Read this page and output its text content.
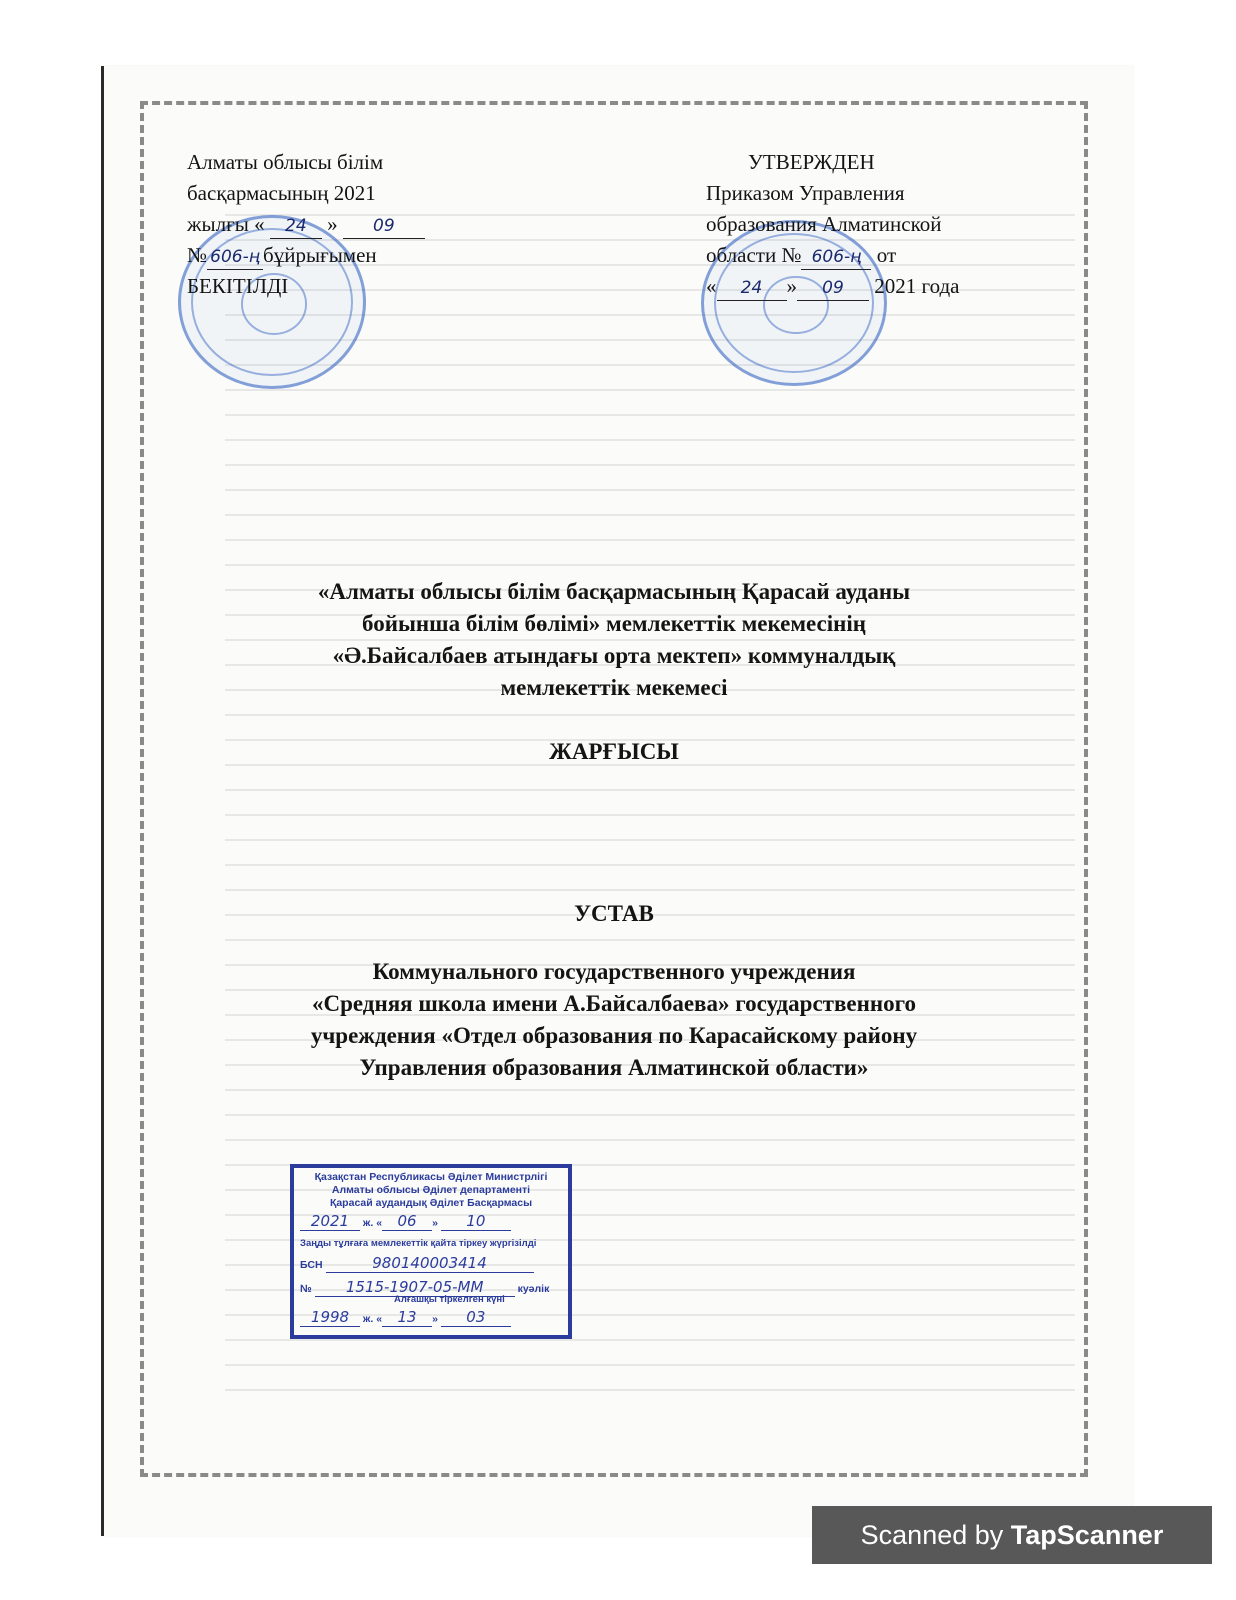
Алматы облысы білім
басқармасының 2021
жылғы « 24 » 09
№ 606-ң бұйрығымен
БЕКІТІЛДІ
УТВЕРЖДЕН
Приказом Управления
образования Алматинской
области № 606-ң от
« 24 » 09 2021 года
«Алматы облысы білім басқармасының Қарасай ауданы
бойынша білім бөлімі» мемлекеттік мекемесінің
«Ә.Байсалбаев атындағы орта мектеп» коммуналдық
мемлекеттік мекемесі
ЖАРҒЫСЫ
УСТАВ
Коммунального государственного учреждения
«Средняя школа имени А.Байсалбаева» государственного
учреждения «Отдел образования по Карасайскому району
Управления образования Алматинской области»
Қазақстан Республикасы Әділет Министрлігі
Алматы облысы Әділет департаменті
Қарасай аудандық Әділет Басқармасы
2021 ж. « 06 » 10
Заңды тұлғаға мемлекеттік қайта тіркеу жүргізілді
БСН	980140003414
№ 1515-1907-05-ММ	куәлік
Алғашқы тіркелген күні
1998 ж. « 13 » 03
Scanned by TapScanner
